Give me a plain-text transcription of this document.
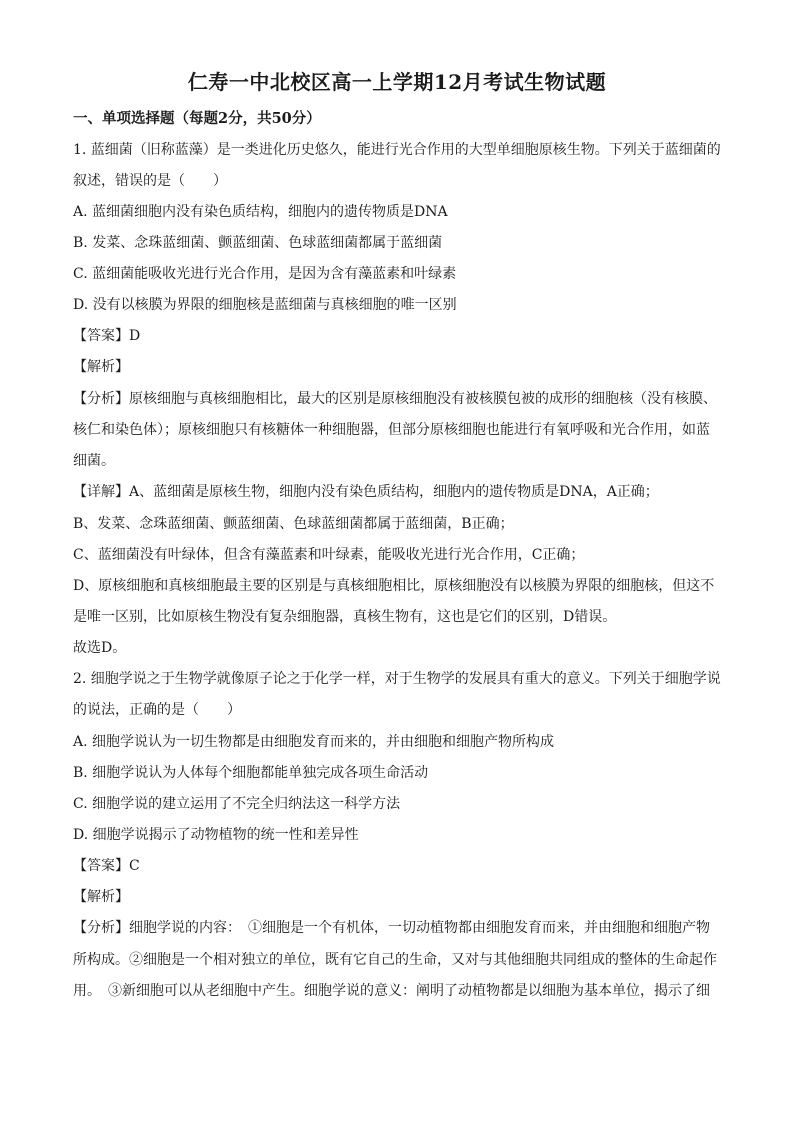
仁寿一中北校区高一上学期12月考试生物试题
一、单项选择题（每题2分，共50分）
1. 蓝细菌（旧称蓝藻）是一类进化历史悠久，能进行光合作用的大型单细胞原核生物。下列关于蓝细菌的
叙述，错误的是（　　）
A. 蓝细菌细胞内没有染色质结构，细胞内的遗传物质是DNA
B. 发菜、念珠蓝细菌、颤蓝细菌、色球蓝细菌都属于蓝细菌
C. 蓝细菌能吸收光进行光合作用，是因为含有藻蓝素和叶绿素
D. 没有以核膜为界限的细胞核是蓝细菌与真核细胞的唯一区别
【答案】D
【解析】
【分析】原核细胞与真核细胞相比，最大的区别是原核细胞没有被核膜包被的成形的细胞核（没有核膜、
核仁和染色体）；原核细胞只有核糖体一种细胞器，但部分原核细胞也能进行有氧呼吸和光合作用，如蓝
细菌。
【详解】A、蓝细菌是原核生物，细胞内没有染色质结构，细胞内的遗传物质是DNA，A正确；
B、发菜、念珠蓝细菌、颤蓝细菌、色球蓝细菌都属于蓝细菌，B正确；
C、蓝细菌没有叶绿体，但含有藻蓝素和叶绿素，能吸收光进行光合作用，C正确；
D、原核细胞和真核细胞最主要的区别是与真核细胞相比，原核细胞没有以核膜为界限的细胞核，但这不
是唯一区别，比如原核生物没有复杂细胞器，真核生物有，这也是它们的区别，D错误。
故选D。
2. 细胞学说之于生物学就像原子论之于化学一样，对于生物学的发展具有重大的意义。下列关于细胞学说
的说法，正确的是（　　）
A. 细胞学说认为一切生物都是由细胞发育而来的，并由细胞和细胞产物所构成
B. 细胞学说认为人体每个细胞都能单独完成各项生命活动
C. 细胞学说的建立运用了不完全归纳法这一科学方法
D. 细胞学说揭示了动物植物的统一性和差异性
【答案】C
【解析】
【分析】细胞学说的内容：　①细胞是一个有机体，一切动植物都由细胞发育而来，并由细胞和细胞产物
所构成。②细胞是一个相对独立的单位，既有它自己的生命，又对与其他细胞共同组成的整体的生命起作
用。　③新细胞可以从老细胞中产生。细胞学说的意义：阐明了动植物都是以细胞为基本单位，揭示了细
